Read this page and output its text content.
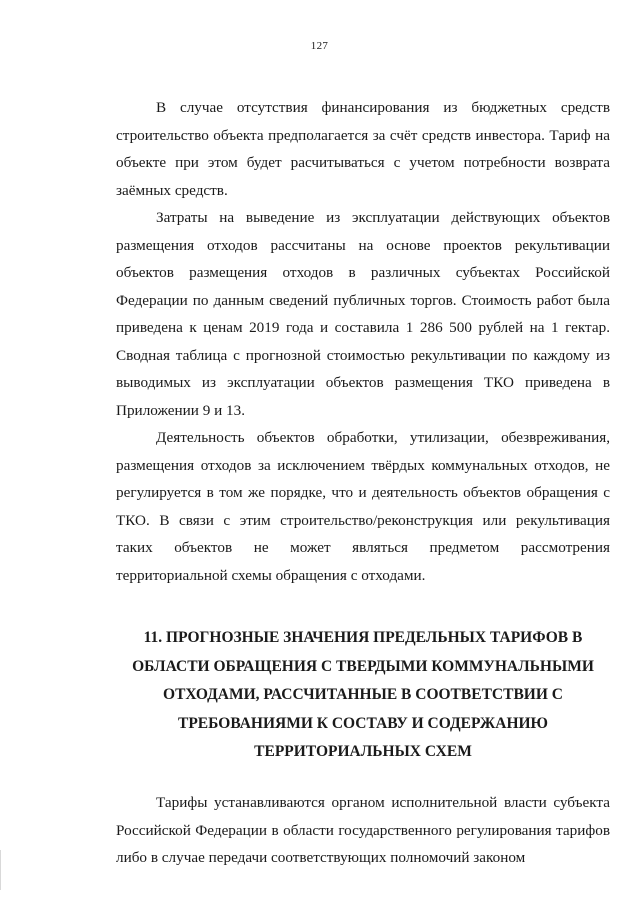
127

В случае отсутствия финансирования из бюджетных средств строительство объекта предполагается за счёт средств инвестора. Тариф на объекте при этом будет расчитываться с учетом потребности возврата заёмных средств.

Затраты на выведение из эксплуатации действующих объектов размещения отходов рассчитаны на основе проектов рекультивации объектов размещения отходов в различных субъектах Российской Федерации по данным сведений публичных торгов. Стоимость работ была приведена к ценам 2019 года и составила 1 286 500 рублей на 1 гектар. Сводная таблица с прогнозной стоимостью рекультивации по каждому из выводимых из эксплуатации объектов размещения ТКО приведена в Приложении 9 и 13.

Деятельность объектов обработки, утилизации, обезвреживания, размещения отходов за исключением твёрдых коммунальных отходов, не регулируется в том же порядке, что и деятельность объектов обращения с ТКО. В связи с этим строительство/реконструкция или рекультивация таких объектов не может являться предметом рассмотрения территориальной схемы обращения с отходами.

11. ПРОГНОЗНЫЕ ЗНАЧЕНИЯ ПРЕДЕЛЬНЫХ ТАРИФОВ В ОБЛАСТИ ОБРАЩЕНИЯ С ТВЕРДЫМИ КОММУНАЛЬНЫМИ ОТХОДАМИ, РАССЧИТАННЫЕ В СООТВЕТСТВИИ С ТРЕБОВАНИЯМИ К СОСТАВУ И СОДЕРЖАНИЮ ТЕРРИТОРИАЛЬНЫХ СХЕМ

Тарифы устанавливаются органом исполнительной власти субъекта Российской Федерации в области государственного регулирования тарифов либо в случае передачи соответствующих полномочий законом
